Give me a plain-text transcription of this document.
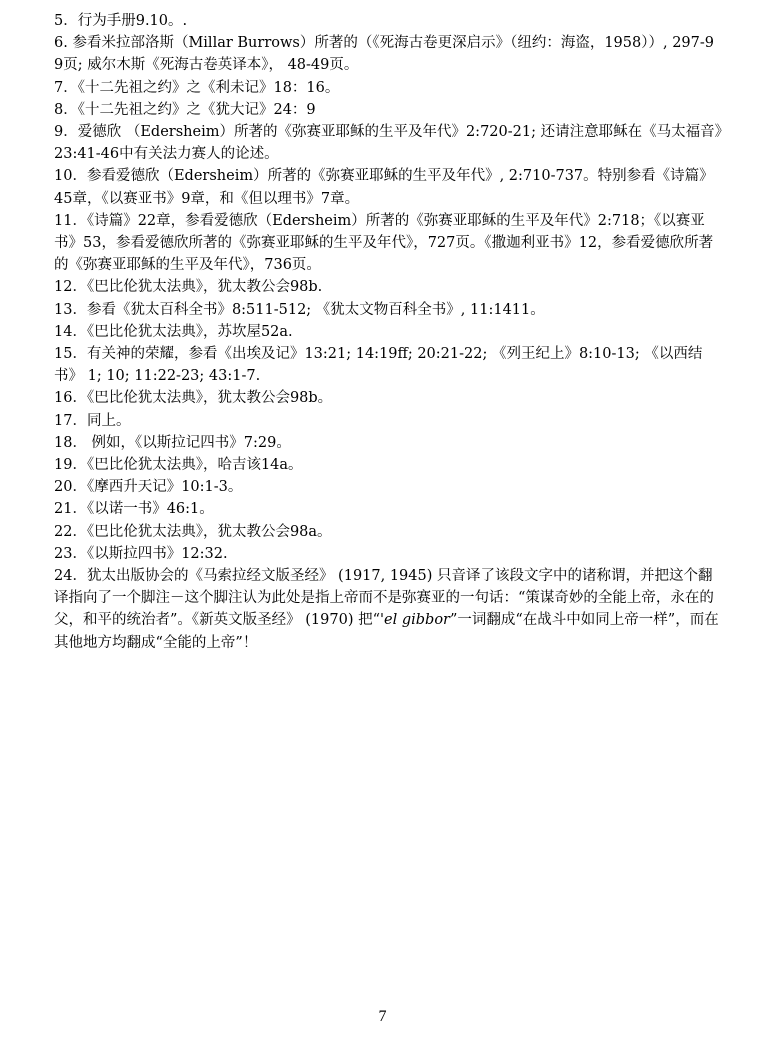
5．行为手册9.10。.

6. 参看米拉部洛斯（Millar Burrows）所著的（《死海古卷更深启示》（纽约：海盗，1958））, 297-99页; 威尔木斯《死海古卷英译本》， 48-49页。

7．《十二先祖之约》之《利未记》18：16。

8．《十二先祖之约》之《犹大记》24：9

9．爱德欣 （Edersheim）所著的《弥赛亚耶稣的生平及年代》2:720-21; 还请注意耶稣在《马太福音》23:41-46中有关法力赛人的论述。

10．参看爱德欣（Edersheim）所著的《弥赛亚耶稣的生平及年代》, 2:710-737。特别参看《诗篇》45章，《以赛亚书》9章，和《但以理书》7章。

11．《诗篇》22章，参看爱德欣（Edersheim）所著的《弥赛亚耶稣的生平及年代》2:718；《以赛亚书》53，参看爱德欣所著的《弥赛亚耶稣的生平及年代》，727页。《撒迦利亚书》12，参看爱德欣所著的《弥赛亚耶稣的生平及年代》，736页。

12．《巴比伦犹太法典》，犹太教公会98b.

13．参看《犹太百科全书》8:511-512; 《犹太文物百科全书》, 11:1411。

14．《巴比伦犹太法典》，苏坎屋52a.

15．有关神的荣耀，参看《出埃及记》13:21; 14:19ff; 20:21-22; 《列王纪上》8:10-13; 《以西结书》 1; 10; 11:22-23; 43:1-7.

16．《巴比伦犹太法典》，犹太教公会98b。

17．同上。

18． 例如，《以斯拉记四书》7:29。

19．《巴比伦犹太法典》，哈吉该14a。

20．《摩西升天记》10:1-3。

21．《以诺一书》46:1。

22．《巴比伦犹太法典》，犹太教公会98a。

23．《以斯拉四书》12:32.

24．犹太出版协会的《马索拉经文版圣经》 (1917, 1945) 只音译了该段文字中的诸称谓，并把这个翻译指向了一个脚注－这个脚注认为此处是指上帝而不是弥赛亚的一句话：“策谋奇妙的全能上帝，永在的父，和平的统治者”。《新英文版圣经》 (1970) 把“'el gibbor”一词翻成“在战斗中如同上帝一样”，而在其他地方均翻成“全能的上帝”！

7
